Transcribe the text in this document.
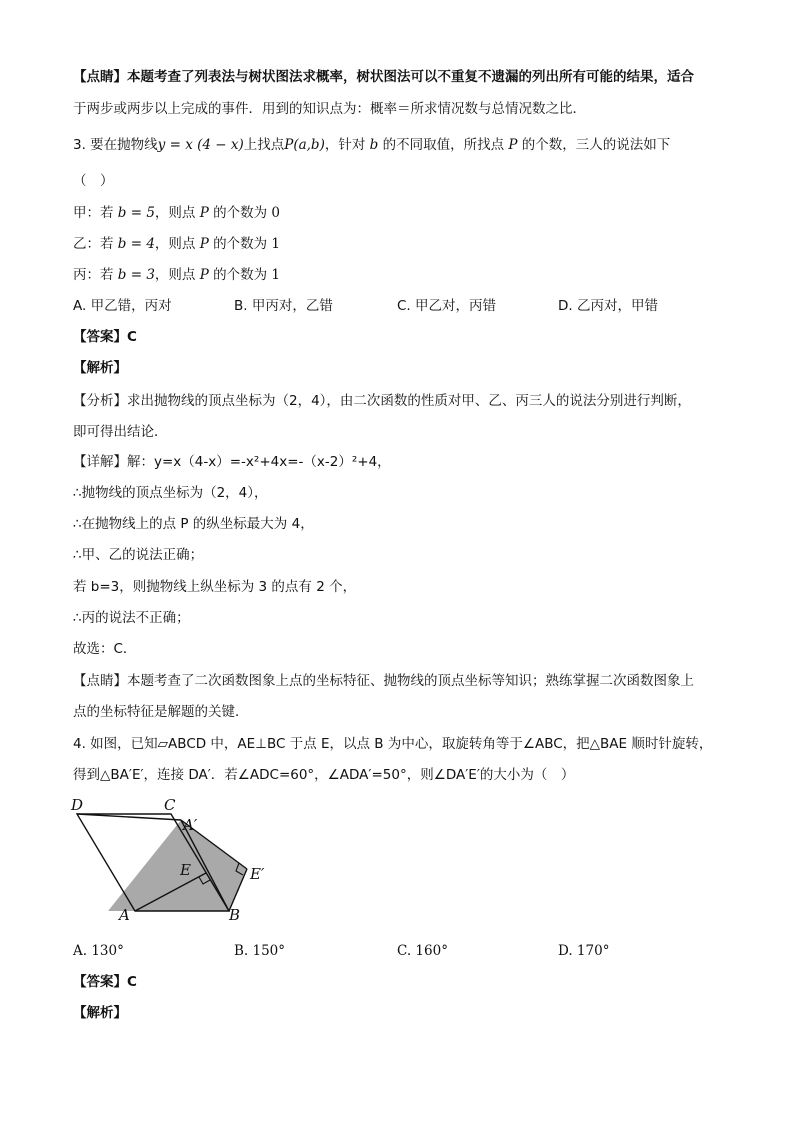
【点睛】本题考查了列表法与树状图法求概率，树状图法可以不重复不遗漏的列出所有可能的结果，适合
于两步或两步以上完成的事件．用到的知识点为：概率＝所求情况数与总情况数之比．
3. 要在抛物线y = x (4 − x)上找点P(a,b)，针对 b 的不同取值，所找点 P 的个数，三人的说法如下
（　）
甲：若 b = 5，则点 P 的个数为 0
乙：若 b = 4，则点 P 的个数为 1
丙：若 b = 3，则点 P 的个数为 1
A. 甲乙错，丙对	B. 甲丙对，乙错	C. 甲乙对，丙错	D. 乙丙对，甲错
【答案】C
【解析】
【分析】求出抛物线的顶点坐标为（2，4），由二次函数的性质对甲、乙、丙三人的说法分别进行判断，
即可得出结论．
【详解】解：y=x（4-x）=-x²+4x=-（x-2）²+4，
∴抛物线的顶点坐标为（2，4），
∴在抛物线上的点 P 的纵坐标最大为 4，
∴甲、乙的说法正确；
若 b=3，则抛物线上纵坐标为 3 的点有 2 个，
∴丙的说法不正确；
故选：C．
【点睛】本题考查了二次函数图象上点的坐标特征、抛物线的顶点坐标等知识；熟练掌握二次函数图象上
点的坐标特征是解题的关键．
4. 如图，已知▱ABCD 中，AE⊥BC 于点 E，以点 B 为中心，取旋转角等于∠ABC，把△BAE 顺时针旋转，
得到△BA′E′，连接 DA′．若∠ADC=60°，∠ADA′=50°，则∠DA′E′的大小为（　）
D	C
A′
E	E′
A	B
A. 130°	B. 150°	C. 160°	D. 170°
【答案】C
【解析】
